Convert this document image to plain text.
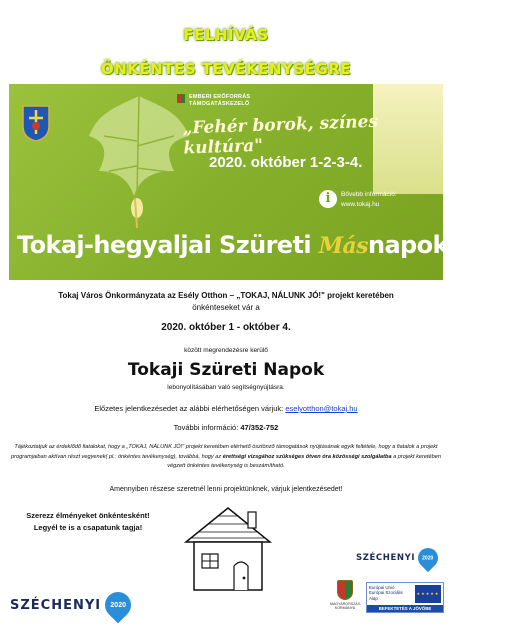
FELHÍVÁS
ÖNKÉNTES TEVÉKENYSÉGRE
EMBERI ERŐFORRÁS
TÁMOGATÁSKEZELŐ
„Fehér borok, színes kultúra"
2020. október 1-2-3-4.
i	Bővebb információ:
www.tokaj.hu
Tokaj-hegyaljai Szüreti Másnapok 2020
Tokaj Város Önkormányzata az Esély Otthon – „TOKAJ, NÁLUNK JÓ!" projekt keretében
önkénteseket vár a
2020. október 1 - október 4.
között megrendezésre kerülő
Tokaji Szüreti Napok
lebonyolításában való segítségnyújtásra.
Előzetes jelentkezésedet az alábbi elérhetőségen várjuk: eselyotthon@tokaj.hu
További információ: 47/352-752
Tájékoztatjuk az érdeklődő fiatalokat, hogy a „TOKAJ, NÁLUNK JÓ!" projekt keretében elérhető ösztönző támogatások nyújtásának egyik feltétele, hogy a fiatalok a projekt programjaiban aktívan részt vegyenek( pl.: önkéntes tevékenység), továbbá, hogy az érettségi vizsgához szükséges ötven óra közösségi szolgálatba a projekt keretében végzett önkéntes tevékenység is beszámítható.
Amennyiben részese szeretnél lenni projektünknek, várjuk jelentkezésedet!
Szerezz élményeket önkéntesként!
Legyél te is a csapatunk tagja!
SZÉCHENYI 2020
SZÉCHENYI 2020
MAGYARORSZÁG
KORMÁNYA
Európai Unió
Európai Szociális
Alap
★★★★★
BEFEKTETÉS A JÖVŐBE
